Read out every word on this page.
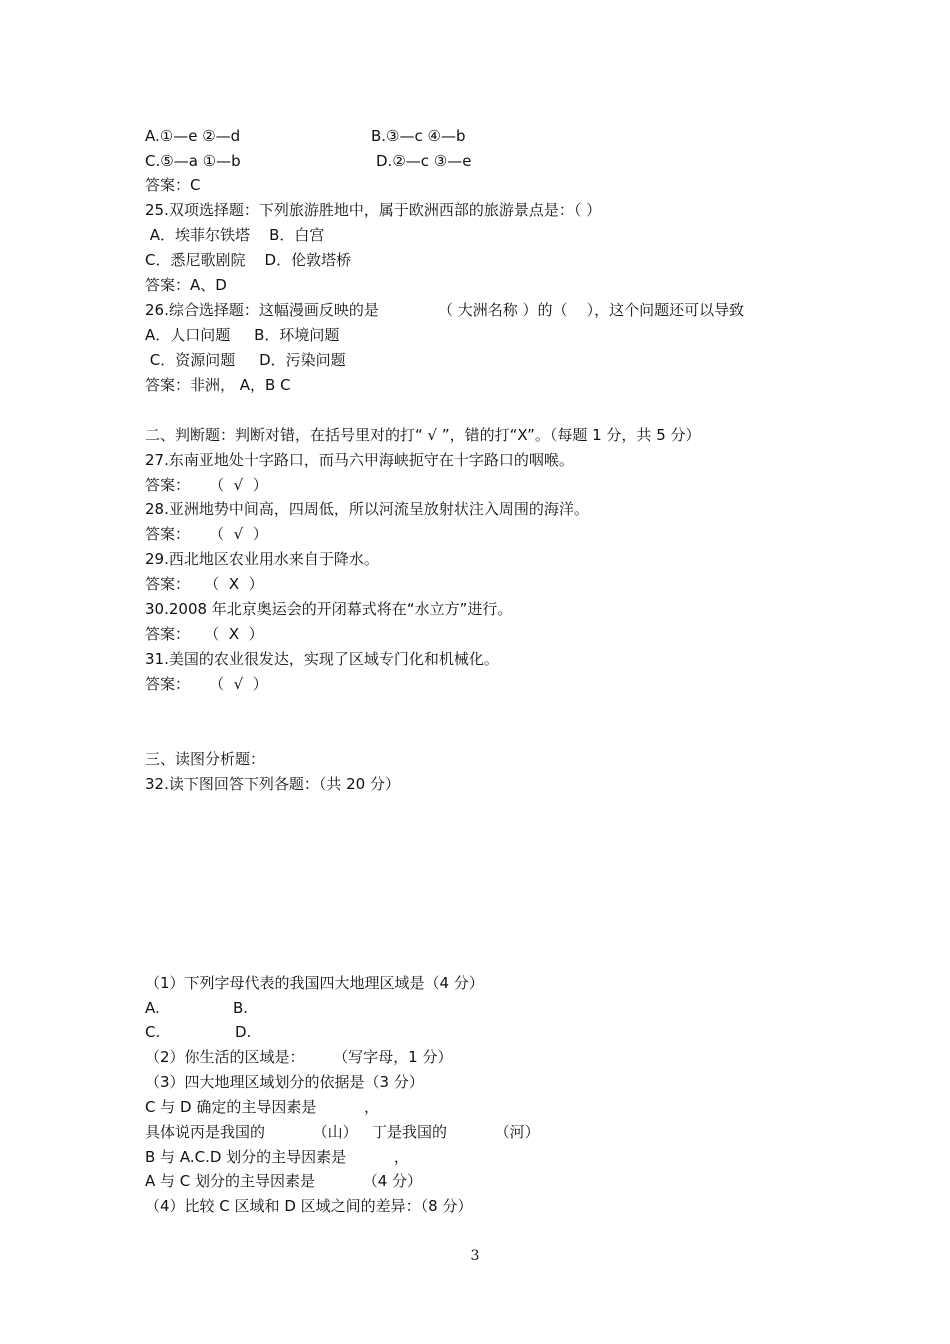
A.①—e ②—d	B.③—c ④—b
C.⑤—a ①—b	D.②—c ③—e
答案：C
25.双项选择题：下列旅游胜地中，属于欧洲西部的旅游景点是：（ ）
A．埃菲尔铁塔    B．白宫
C．悉尼歌剧院    D．伦敦塔桥
答案：A、D
26.综合选择题：这幅漫画反映的是	（ 大洲名称 ）的（    ），这个问题还可以导致
A．人口问题     B．环境问题
C．资源问题     D．污染问题
答案：非洲， A，B C
二、判断题：判断对错，在括号里对的打“ √ ”，错的打“X”。（每题 1 分，共 5 分）
27.东南亚地处十字路口，而马六甲海峡扼守在十字路口的咽喉。
答案：    （  √  ）
28.亚洲地势中间高，四周低，所以河流呈放射状注入周围的海洋。
答案：    （  √  ）
29.西北地区农业用水来自于降水。
答案：   （  X  ）
30.2008 年北京奥运会的开闭幕式将在“水立方”进行。
答案：   （  X  ）
31.美国的农业很发达，实现了区域专门化和机械化。
答案：    （  √  ）
三、读图分析题：
32.读下图回答下列各题：（共 20 分）
（1）下列字母代表的我国四大地理区域是（4 分）
A.	B.
C.	D.
（2）你生活的区域是：      （写字母，1 分）
（3）四大地理区域划分的依据是（3 分）
C 与 D 确定的主导因素是          ，
具体说丙是我国的          （山）   丁是我国的          （河）
B 与 A.C.D 划分的主导因素是          ，
A 与 C 划分的主导因素是          （4 分）
（4）比较 C 区域和 D 区域之间的差异：（8 分）
3
